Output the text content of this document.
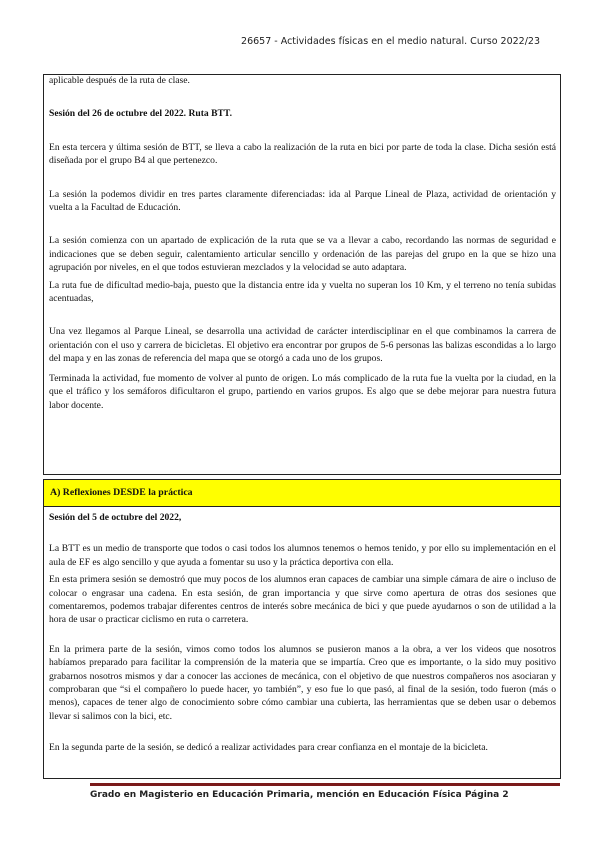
26657 - Actividades físicas en el medio natural. Curso 2022/23

aplicable después de la ruta de clase.

Sesión del 26 de octubre del 2022. Ruta BTT.

En esta tercera y última sesión de BTT, se lleva a cabo la realización de la ruta en bici por parte de toda la clase. Dicha sesión está diseñada por el grupo B4 al que pertenezco.

La sesión la podemos dividir en tres partes claramente diferenciadas: ida al Parque Lineal de Plaza, actividad de orientación y vuelta a la Facultad de Educación.

La sesión comienza con un apartado de explicación de la ruta que se va a llevar a cabo, recordando las normas de seguridad e indicaciones que se deben seguir, calentamiento articular sencillo y ordenación de las parejas del grupo en la que se hizo una agrupación por niveles, en el que todos estuvieran mezclados y la velocidad se auto adaptara.

La ruta fue de dificultad medio-baja, puesto que la distancia entre ida y vuelta no superan los 10 Km, y el terreno no tenía subidas acentuadas,

Una vez llegamos al Parque Lineal, se desarrolla una actividad de carácter interdisciplinar en el que combinamos la carrera de orientación con el uso y carrera de bicicletas. El objetivo era encontrar por grupos de 5-6 personas las balizas escondidas a lo largo del mapa y en las zonas de referencia del mapa que se otorgó a cada uno de los grupos.

Terminada la actividad, fue momento de volver al punto de origen. Lo más complicado de la ruta fue la vuelta por la ciudad, en la que el tráfico y los semáforos dificultaron el grupo, partiendo en varios grupos. Es algo que se debe mejorar para nuestra futura labor docente.

A) Reflexiones DESDE la práctica

Sesión del 5 de octubre del 2022,

La BTT es un medio de transporte que todos o casi todos los alumnos tenemos o hemos tenido, y por ello su implementación en el aula de EF es algo sencillo y que ayuda a fomentar su uso y la práctica deportiva con ella.

En esta primera sesión se demostró que muy pocos de los alumnos eran capaces de cambiar una simple cámara de aire o incluso de colocar o engrasar una cadena. En esta sesión, de gran importancia y que sirve como apertura de otras dos sesiones que comentaremos, podemos trabajar diferentes centros de interés sobre mecánica de bici y que puede ayudarnos o son de utilidad a la hora de usar o practicar ciclismo en ruta o carretera.

En la primera parte de la sesión, vimos como todos los alumnos se pusieron manos a la obra, a ver los videos que nosotros habíamos preparado para facilitar la comprensión de la materia que se impartía. Creo que es importante, o la sido muy positivo grabarnos nosotros mismos y dar a conocer las acciones de mecánica, con el objetivo de que nuestros compañeros nos asociaran y comprobaran que “si el compañero lo puede hacer, yo también”, y eso fue lo que pasó, al final de la sesión, todo fueron (más o menos), capaces de tener algo de conocimiento sobre cómo cambiar una cubierta, las herramientas que se deben usar o debemos llevar si salimos con la bici, etc.

En la segunda parte de la sesión, se dedicó a realizar actividades para crear confianza en el montaje de la bicicleta.

Grado en Magisterio en Educación Primaria, mención en Educación Física Página 2
